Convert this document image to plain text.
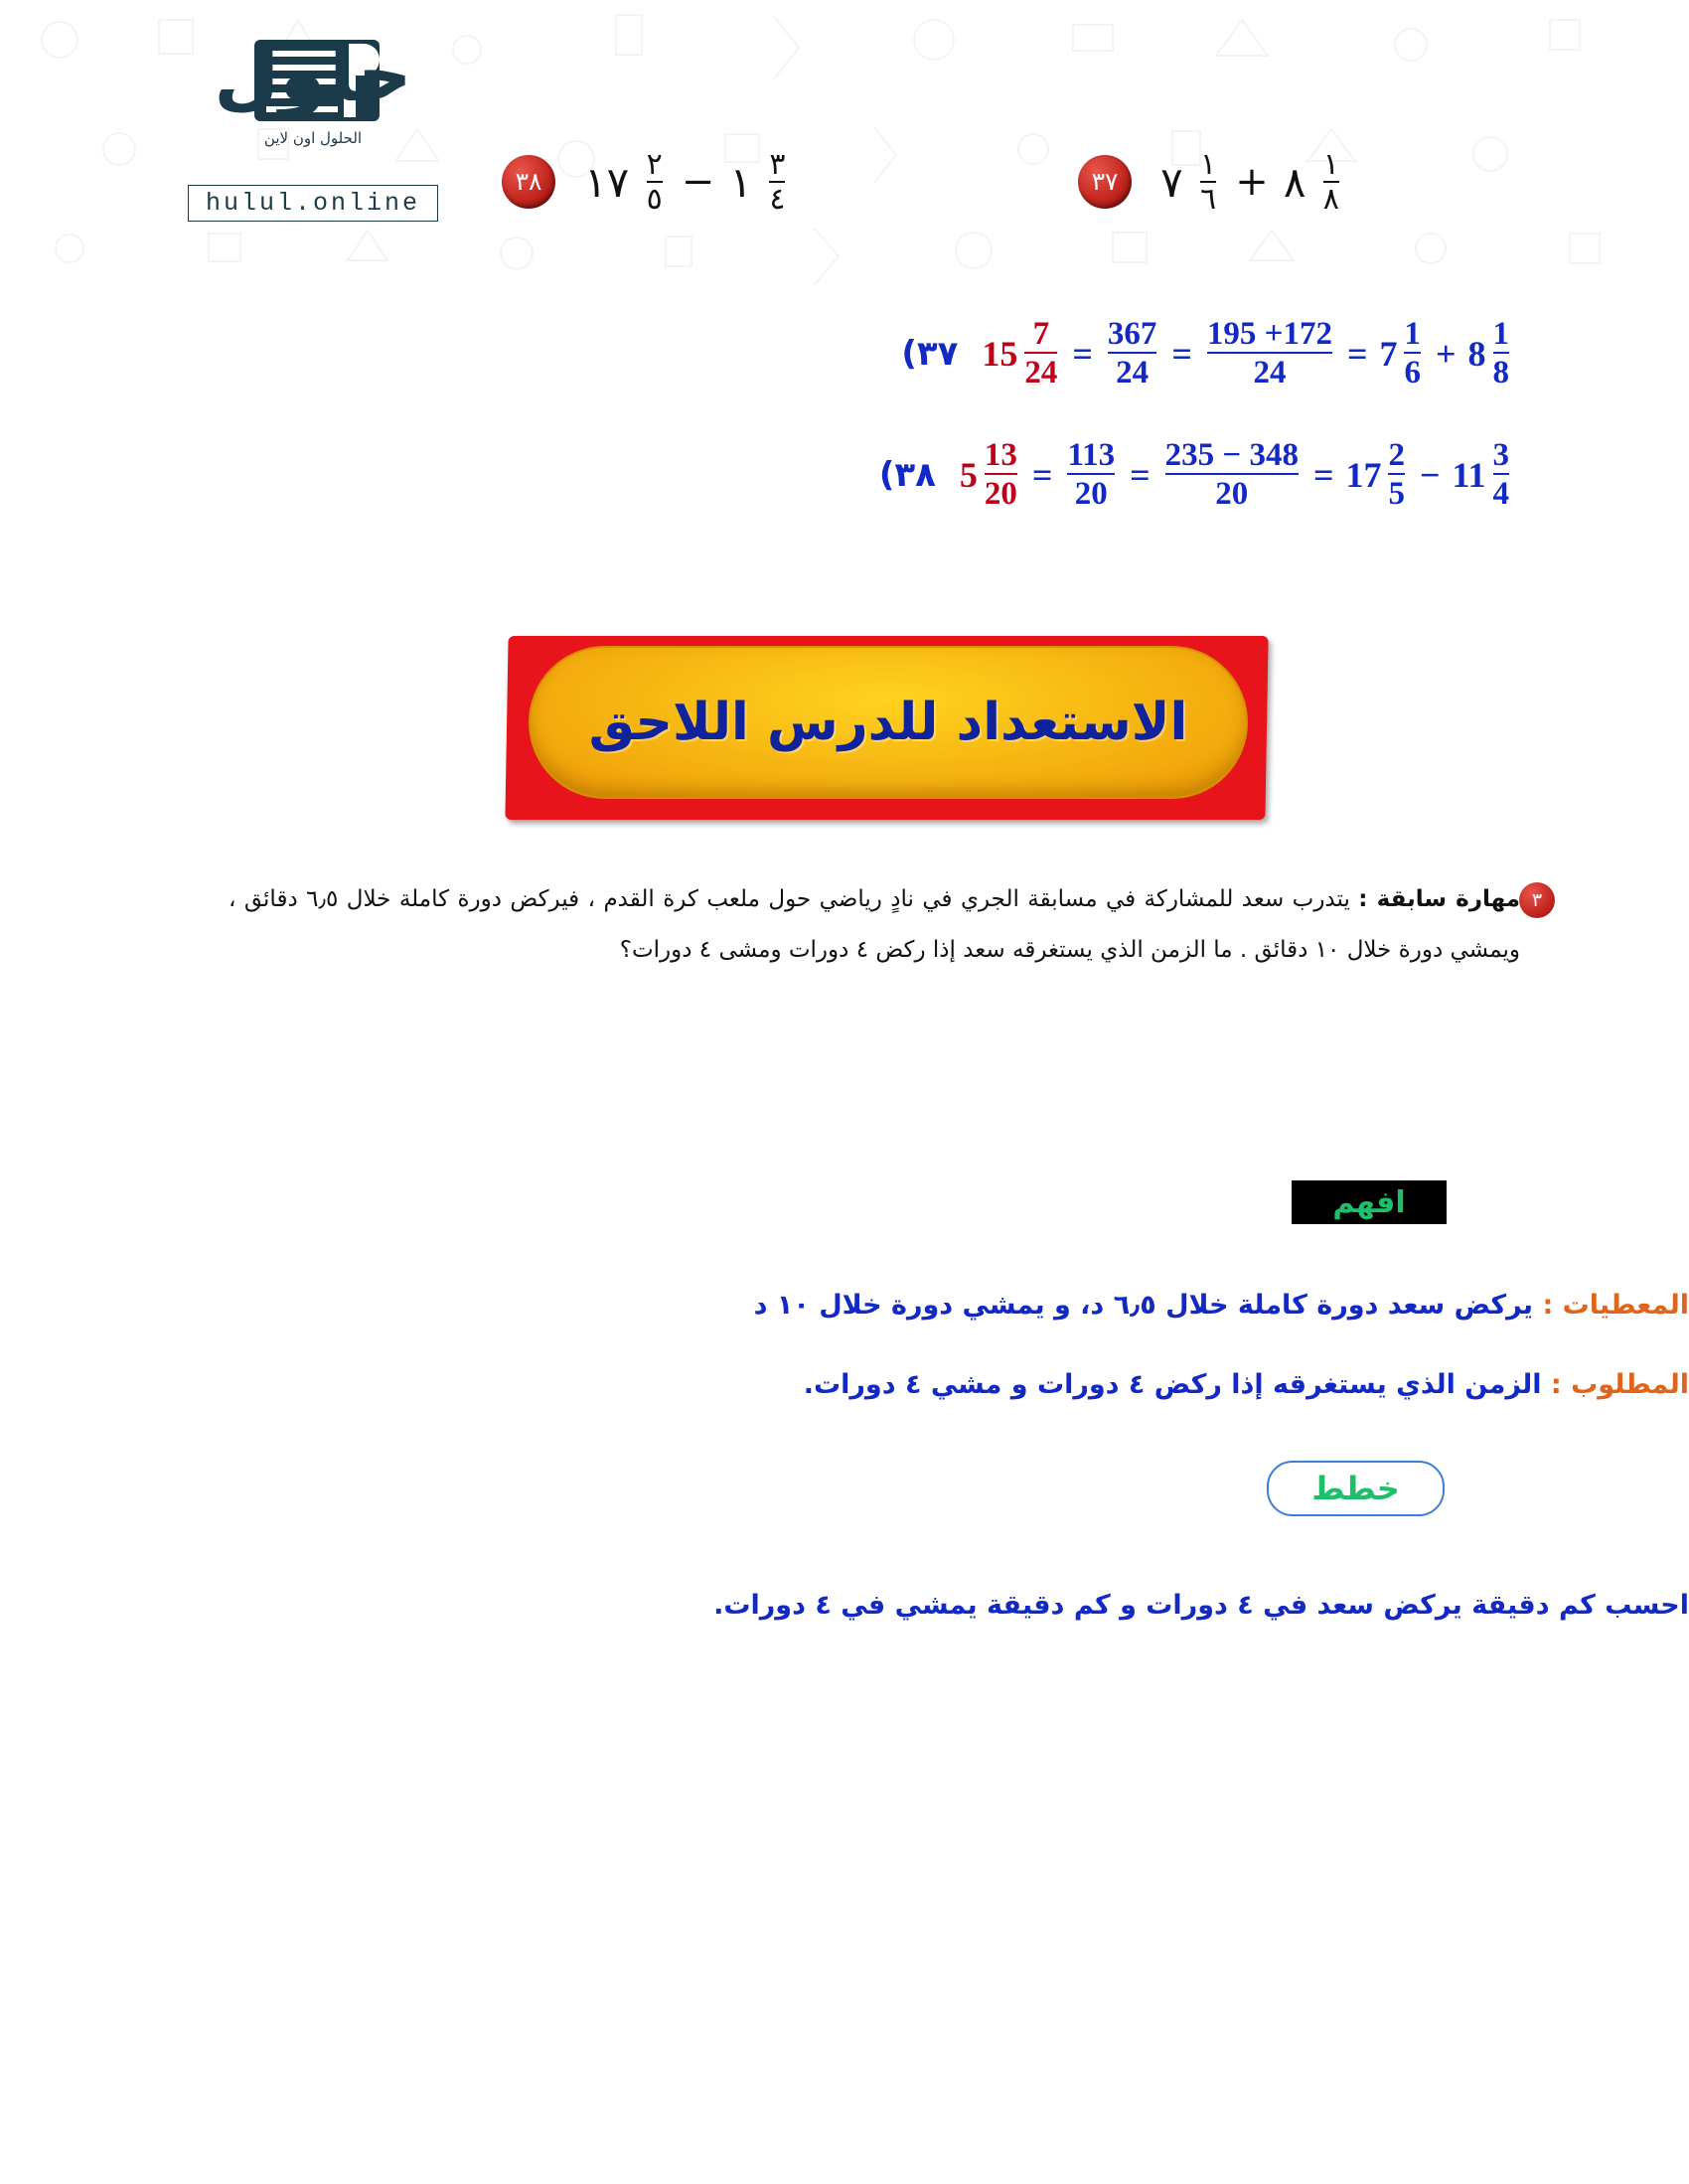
حلول
الحلول اون لاين
hulul.online	١ $\frac{٣}{٤}$
− ١٧ $\frac{٢}{٥}$
٣٨	٨ $\frac{١}{٨}$
+ ٧ $\frac{١}{٦}$
٣٧
(٣٧ $15 \frac{7}{24} = \frac{367}{24} = \frac{195 +172}{24} = 7 \frac{1}{6} + 8 \frac{1}{8}$
(٣٨ $5 \frac{13}{20} = \frac{113}{20} = \frac{235 - 348}{20} = 17 \frac{2}{5} - 11 \frac{3}{4}$
الاستعداد للدرس اللاحق
٣
مهارة سابقة : يتدرب سعد للمشاركة في مسابقة الجري في نادٍ رياضي حول ملعب كرة القدم ، فيركض دورة كاملة خلال ٦٫٥ دقائق ، ويمشي دورة خلال ١٠ دقائق . ما الزمن الذي يستغرقه سعد إذا ركض ٤ دورات ومشى ٤ دورات؟
افهم
المعطيات : يركض سعد دورة كاملة خلال ٦٫٥ د، و يمشي دورة خلال ١٠ د
المطلوب : الزمن الذي يستغرقه إذا ركض ٤ دورات و مشي ٤ دورات.
خطط
احسب كم دقيقة يركض سعد في ٤ دورات و كم دقيقة يمشي في ٤ دورات.
